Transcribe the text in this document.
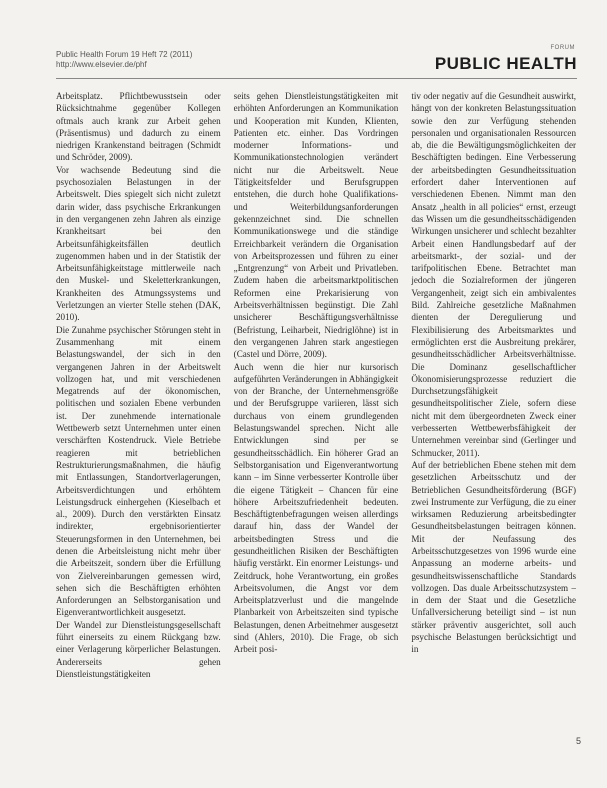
Public Health Forum 19 Heft 72 (2011)
http://www.elsevier.de/phf
FORUM
PUBLIC HEALTH

Arbeitsplatz. Pflichtbewusstsein oder Rücksichtnahme gegenüber Kollegen oftmals auch krank zur Arbeit gehen (Präsentismus) und dadurch zu einem niedrigen Krankenstand beitragen (Schmidt und Schröder, 2009).

Vor wachsende Bedeutung sind die psychosozialen Belastungen in der Arbeitswelt. Dies spiegelt sich nicht zuletzt darin wider, dass psychische Erkrankungen in den vergangenen zehn Jahren als einzige Krankheitsart bei den Arbeitsunfähigkeitsfällen deutlich zugenommen haben und in der Statistik der Arbeitsunfähigkeitstage mittlerweile nach den Muskel- und Skeletterkrankungen, Krankheiten des Atmungssystems und Verletzungen an vierter Stelle stehen (DAK, 2010).

Die Zunahme psychischer Störungen steht in Zusammenhang mit einem Belastungswandel, der sich in den vergangenen Jahren in der Arbeitswelt vollzogen hat, und mit verschiedenen Megatrends auf der ökonomischen, politischen und sozialen Ebene verbunden ist. Der zunehmende internationale Wettbewerb setzt Unternehmen unter einen verschärften Kostendruck. Viele Betriebe reagieren mit betrieblichen Restrukturierungsmaßnahmen, die häufig mit Entlassungen, Standortverlagerungen, Arbeitsverdichtungen und erhöhtem Leistungsdruck einhergehen (Kieselbach et al., 2009). Durch den verstärkten Einsatz indirekter, ergebnisorientierter Steuerungsformen in den Unternehmen, bei denen die Arbeitsleistung nicht mehr über die Arbeitszeit, sondern über die Erfüllung von Zielvereinbarungen gemessen wird, sehen sich die Beschäftigten erhöhten Anforderungen an Selbstorganisation und Eigenverantwortlichkeit ausgesetzt.

Der Wandel zur Dienstleistungsgesellschaft führt einerseits zu einem Rückgang bzw. einer Verlagerung körperlicher Belastungen. Andererseits gehen Dienstleistungstätigkeiten

seits gehen Dienstleistungstätigkeiten mit erhöhten Anforderungen an Kommunikation und Kooperation mit Kunden, Klienten, Patienten etc. einher. Das Vordringen moderner Informations- und Kommunikationstechnologien verändert nicht nur die Arbeitswelt. Neue Tätigkeitsfelder und Berufsgruppen entstehen, die durch hohe Qualifikations- und Weiterbildungsanforderungen gekennzeichnet sind. Die schnellen Kommunikationswege und die ständige Erreichbarkeit verändern die Organisation von Arbeitsprozessen und führen zu einer „Entgrenzung“ von Arbeit und Privatleben. Zudem haben die arbeitsmarktpolitischen Reformen eine Prekarisierung von Arbeitsverhältnissen begünstigt. Die Zahl unsicherer Beschäftigungsverhältnisse (Befristung, Leiharbeit, Niedriglöhne) ist in den vergangenen Jahren stark angestiegen (Castel und Dörre, 2009).

Auch wenn die hier nur kursorisch aufgeführten Veränderungen in Abhängigkeit von der Branche, der Unternehmensgröße und der Berufsgruppe variieren, lässt sich durchaus von einem grundlegenden Belastungswandel sprechen. Nicht alle Entwicklungen sind per se gesundheitsschädlich. Ein höherer Grad an Selbstorganisation und Eigenverantwortung kann – im Sinne verbesserter Kontrolle über die eigene Tätigkeit – Chancen für eine höhere Arbeitszufriedenheit bedeuten. Beschäftigtenbefragungen weisen allerdings darauf hin, dass der Wandel der arbeitsbedingten Stress und die gesundheitlichen Risiken der Beschäftigten häufig verstärkt. Ein enormer Leistungs- und Zeitdruck, hohe Verantwortung, ein großes Arbeitsvolumen, die Angst vor dem Arbeitsplatzverlust und die mangelnde Planbarkeit von Arbeitszeiten sind typische Belastungen, denen Arbeitnehmer ausgesetzt sind (Ahlers, 2010). Die Frage, ob sich Arbeit posi-

tiv oder negativ auf die Gesundheit auswirkt, hängt von der konkreten Belastungssituation sowie den zur Verfügung stehenden personalen und organisationalen Ressourcen ab, die die Bewältigungsmöglichkeiten der Beschäftigten bedingen. Eine Verbesserung der arbeitsbedingten Gesundheitssituation erfordert daher Interventionen auf verschiedenen Ebenen. Nimmt man den Ansatz „health in all policies“ ernst, erzeugt das Wissen um die gesundheitsschädigenden Wirkungen unsicherer und schlecht bezahlter Arbeit einen Handlungsbedarf auf der arbeitsmarkt-, der sozial- und der tarifpolitischen Ebene. Betrachtet man jedoch die Sozialreformen der jüngeren Vergangenheit, zeigt sich ein ambivalentes Bild. Zahlreiche gesetzliche Maßnahmen dienten der Deregulierung und Flexibilisierung des Arbeitsmarktes und ermöglichten erst die Ausbreitung prekärer, gesundheitsschädlicher Arbeitsverhältnisse. Die Dominanz gesellschaftlicher Ökonomisierungsprozesse reduziert die Durchsetzungsfähigkeit gesundheitspolitischer Ziele, sofern diese nicht mit dem übergeordneten Zweck einer verbesserten Wettbewerbsfähigkeit der Unternehmen vereinbar sind (Gerlinger und Schmucker, 2011).

Auf der betrieblichen Ebene stehen mit dem gesetzlichen Arbeitsschutz und der Betrieblichen Gesundheitsförderung (BGF) zwei Instrumente zur Verfügung, die zu einer wirksamen Reduzierung arbeitsbedingter Gesundheitsbelastungen beitragen können. Mit der Neufassung des Arbeitsschutzgesetzes von 1996 wurde eine Anpassung an moderne arbeits- und gesundheitswissenschaftliche Standards vollzogen. Das duale Arbeitsschutzsystem – in dem der Staat und die Gesetzliche Unfallversicherung beteiligt sind – ist nun stärker präventiv ausgerichtet, soll auch psychische Belastungen berücksichtigt und in

5
